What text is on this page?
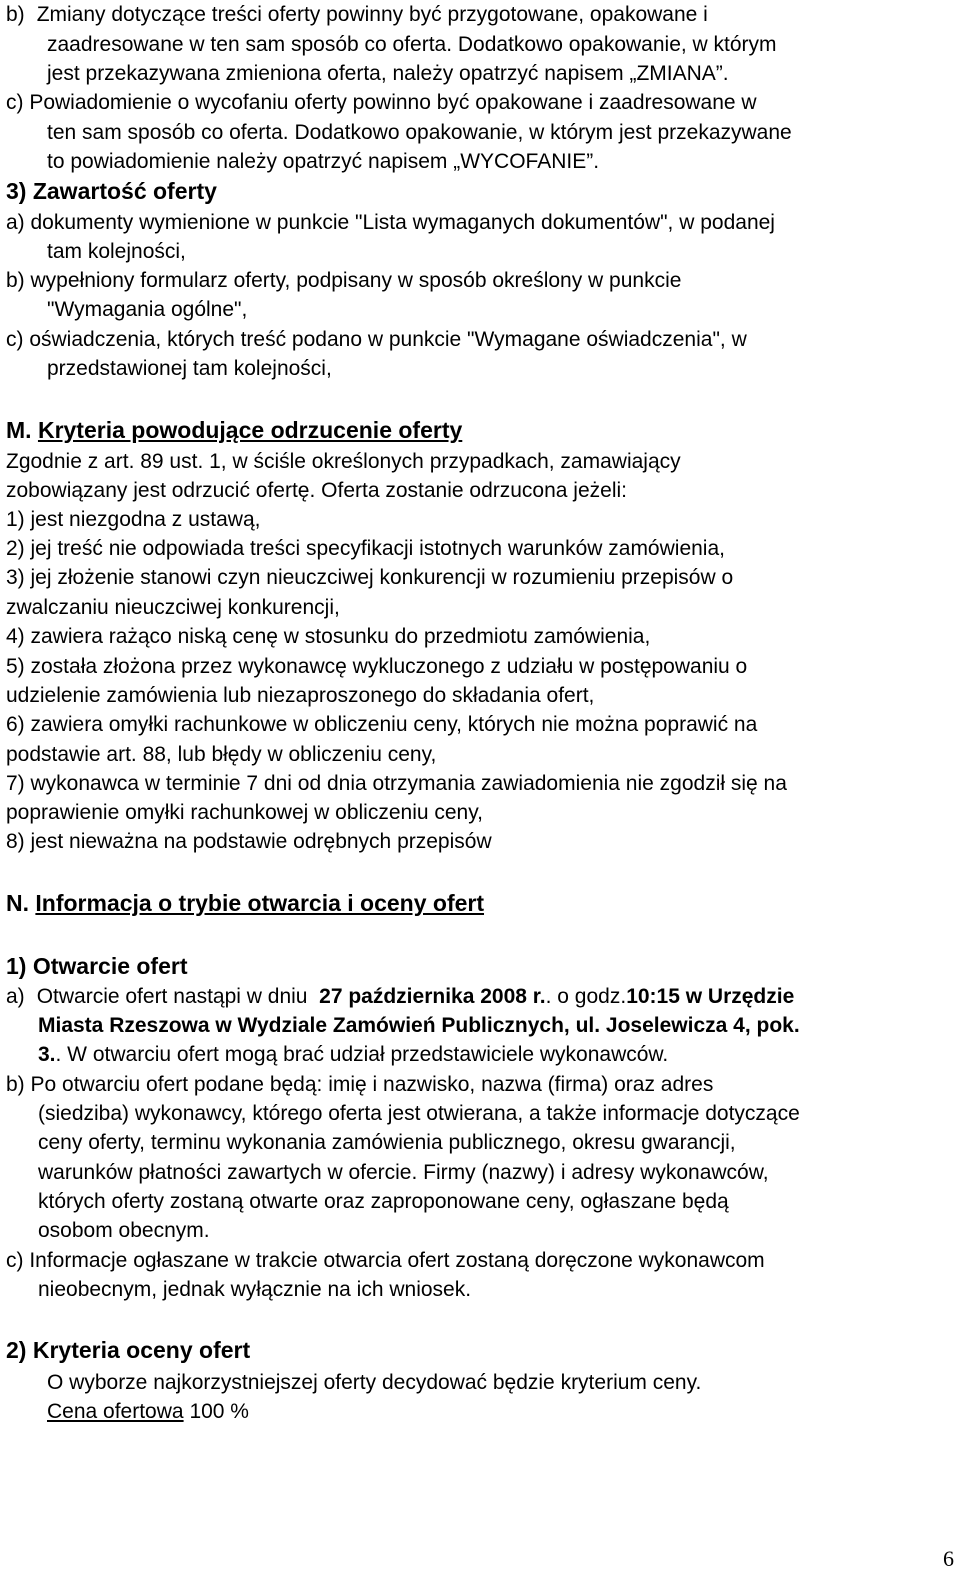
b) Zmiany dotyczące treści oferty powinny być przygotowane, opakowane i
zaadresowane w ten sam sposób co oferta. Dodatkowo opakowanie, w którym
jest przekazywana zmieniona oferta, należy opatrzyć napisem „ZMIANA”.
c) Powiadomienie o wycofaniu oferty powinno być opakowane i zaadresowane w
ten sam sposób co oferta. Dodatkowo opakowanie, w którym jest przekazywane
to powiadomienie należy opatrzyć napisem „WYCOFANIE”.
3) Zawartość oferty
a) dokumenty wymienione w punkcie "Lista wymaganych dokumentów", w podanej
tam kolejności,
b) wypełniony formularz oferty, podpisany w sposób określony w punkcie
"Wymagania ogólne",
c) oświadczenia, których treść podano w punkcie "Wymagane oświadczenia", w
przedstawionej tam kolejności,
M. Kryteria powodujące odrzucenie oferty
Zgodnie z art. 89 ust. 1, w ściśle określonych przypadkach, zamawiający
zobowiązany jest odrzucić ofertę. Oferta zostanie odrzucona jeżeli:
1) jest niezgodna z ustawą,
2) jej treść nie odpowiada treści specyfikacji istotnych warunków zamówienia,
3) jej złożenie stanowi czyn nieuczciwej konkurencji w rozumieniu przepisów o
zwalczaniu nieuczciwej konkurencji,
4) zawiera rażąco niską cenę w stosunku do przedmiotu zamówienia,
5) została złożona przez wykonawcę wykluczonego z udziału w postępowaniu o
udzielenie zamówienia lub niezaproszonego do składania ofert,
6) zawiera omyłki rachunkowe w obliczeniu ceny, których nie można poprawić na
podstawie art. 88, lub błędy w obliczeniu ceny,
7) wykonawca w terminie 7 dni od dnia otrzymania zawiadomienia nie zgodził się na
poprawienie omyłki rachunkowej w obliczeniu ceny,
8) jest nieważna na podstawie odrębnych przepisów
N. Informacja o trybie otwarcia i oceny ofert
1) Otwarcie ofert
a) Otwarcie ofert nastąpi w dniu 27 października 2008 r.. o godz.10:15 w Urzędzie
Miasta Rzeszowa w Wydziale Zamówień Publicznych, ul. Joselewicza 4, pok.
3.. W otwarciu ofert mogą brać udział przedstawiciele wykonawców.
b) Po otwarciu ofert podane będą: imię i nazwisko, nazwa (firma) oraz adres
(siedziba) wykonawcy, którego oferta jest otwierana, a także informacje dotyczące
ceny oferty, terminu wykonania zamówienia publicznego, okresu gwarancji,
warunków płatności zawartych w ofercie. Firmy (nazwy) i adresy wykonawców,
których oferty zostaną otwarte oraz zaproponowane ceny, ogłaszane będą
osobom obecnym.
c) Informacje ogłaszane w trakcie otwarcia ofert zostaną doręczone wykonawcom
nieobecnym, jednak wyłącznie na ich wniosek.
2) Kryteria oceny ofert
O wyborze najkorzystniejszej oferty decydować będzie kryterium ceny.
Cena ofertowa 100 %
6
